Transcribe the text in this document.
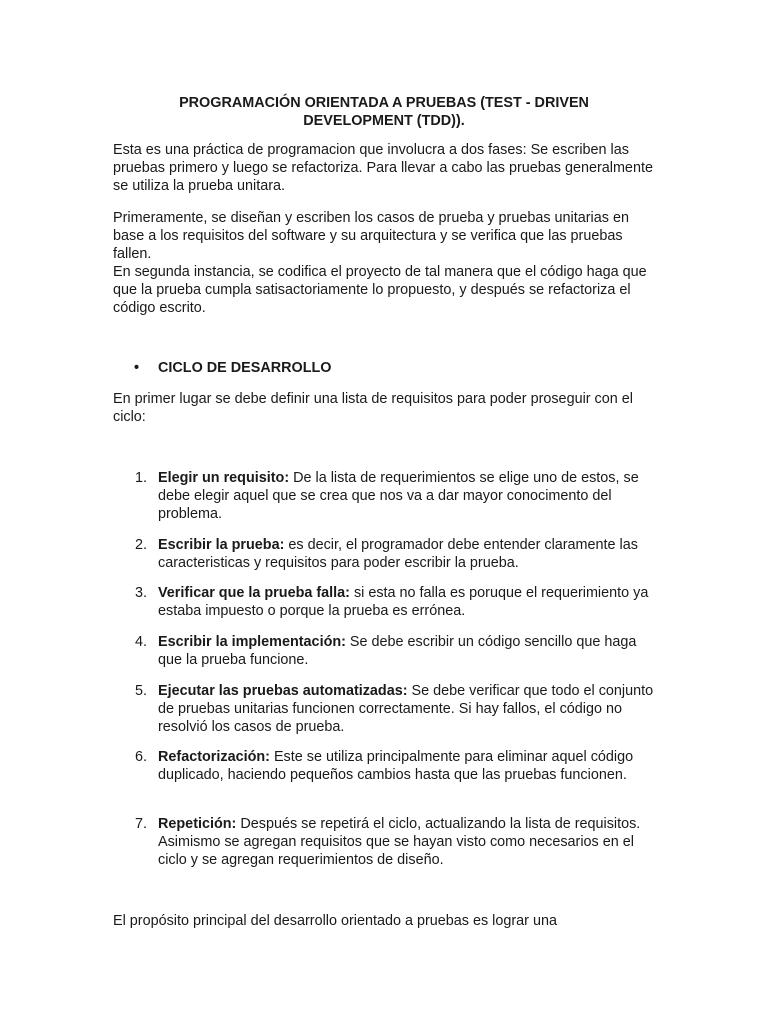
PROGRAMACIÓN ORIENTADA A PRUEBAS (TEST - DRIVEN DEVELOPMENT (TDD)).

Esta es una práctica de programacion que involucra a dos fases: Se escriben las pruebas primero y luego se refactoriza. Para llevar a cabo las pruebas generalmente se utiliza la prueba unitara.

Primeramente, se diseñan y escriben los casos de prueba y pruebas unitarias en base a los requisitos del software y su arquitectura y se verifica que las pruebas fallen.

En segunda instancia, se codifica el proyecto de tal manera que el código haga que que la prueba cumpla satisactoriamente lo propuesto, y después se refactoriza el código escrito.

• CICLO DE DESARROLLO

En primer lugar se debe definir una lista de requisitos para poder proseguir con el ciclo:

1. Elegir un requisito: De la lista de requerimientos se elige uno de estos, se debe elegir aquel que se crea que nos va a dar mayor conocimento del problema.
2. Escribir la prueba: es decir, el programador debe entender claramente las caracteristicas y requisitos para poder escribir la prueba.
3. Verificar que la prueba falla: si esta no falla es poruque el requerimiento ya estaba impuesto o porque la prueba es errónea.
4. Escribir la implementación: Se debe escribir un código sencillo que haga que la prueba funcione.
5. Ejecutar las pruebas automatizadas: Se debe verificar que todo el conjunto de pruebas unitarias funcionen correctamente. Si hay fallos, el código no resolvió los casos de prueba.
6. Refactorización: Este se utiliza principalmente para eliminar aquel código duplicado, haciendo pequeños cambios hasta que las pruebas funcionen.
7. Repetición: Después se repetirá el ciclo, actualizando la lista de requisitos. Asimismo se agregan requisitos que se hayan visto como necesarios en el ciclo y se agregan requerimientos de diseño.

El propósito principal del desarrollo orientado a pruebas es lograr una
